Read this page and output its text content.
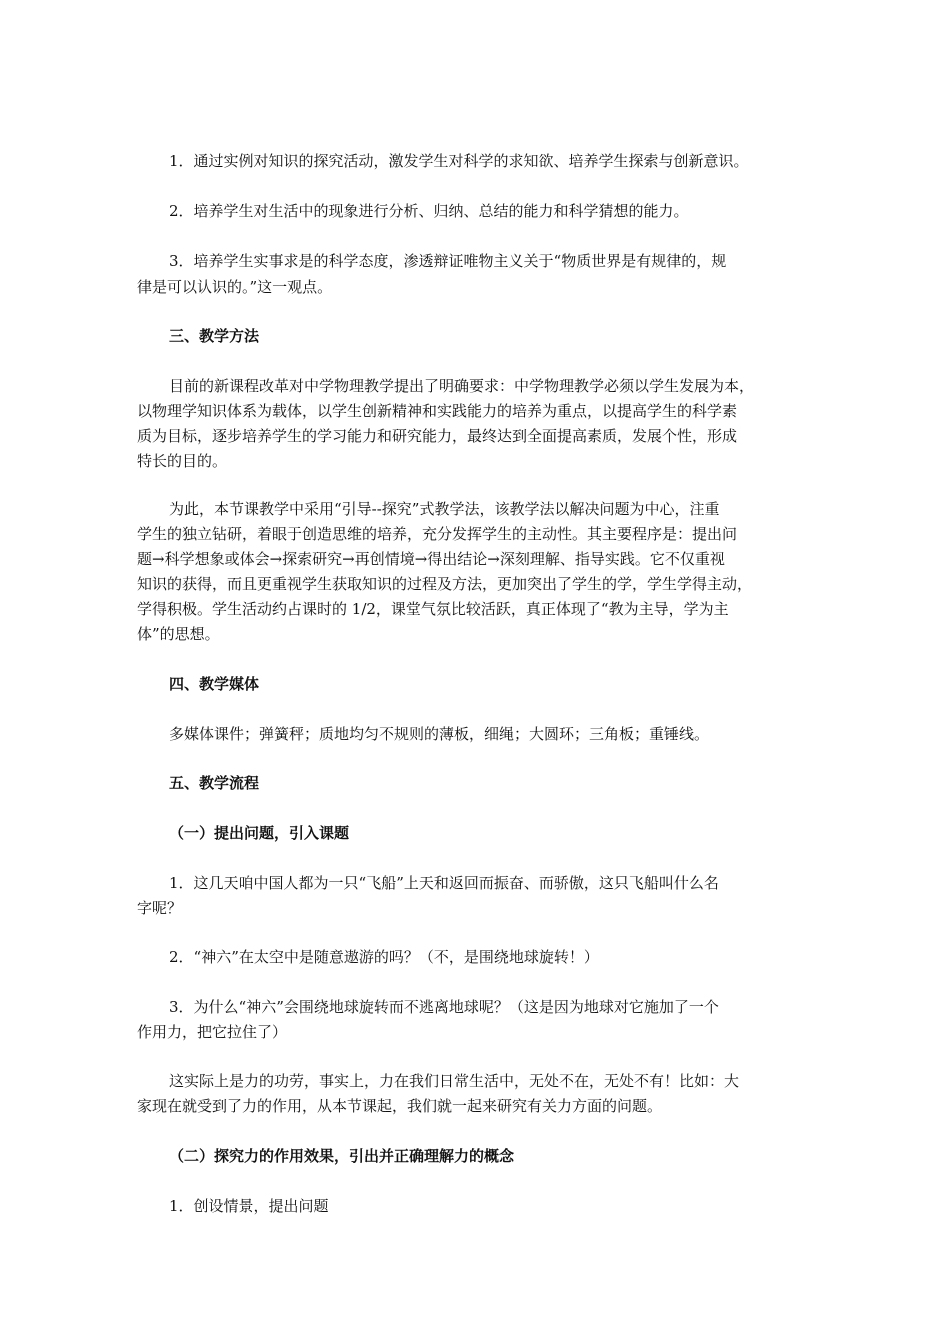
1．通过实例对知识的探究活动，激发学生对科学的求知欲、培养学生探索与创新意识。
2．培养学生对生活中的现象进行分析、归纳、总结的能力和科学猜想的能力。
3．培养学生实事求是的科学态度，渗透辩证唯物主义关于“物质世界是有规律的，规
律是可以认识的。”这一观点。
三、教学方法
目前的新课程改革对中学物理教学提出了明确要求：中学物理教学必须以学生发展为本，
以物理学知识体系为载体，以学生创新精神和实践能力的培养为重点，以提高学生的科学素
质为目标，逐步培养学生的学习能力和研究能力，最终达到全面提高素质，发展个性，形成
特长的目的。
为此，本节课教学中采用“引导--探究”式教学法，该教学法以解决问题为中心，注重
学生的独立钻研，着眼于创造思维的培养，充分发挥学生的主动性。其主要程序是：提出问
题→科学想象或体会→探索研究→再创情境→得出结论→深刻理解、指导实践。它不仅重视
知识的获得，而且更重视学生获取知识的过程及方法，更加突出了学生的学，学生学得主动，
学得积极。学生活动约占课时的 1/2，课堂气氛比较活跃，真正体现了“教为主导，学为主
体”的思想。
四、教学媒体
多媒体课件；弹簧秤；质地均匀不规则的薄板，细绳；大圆环；三角板；重锤线。
五、教学流程
（一）提出问题，引入课题
1．这几天咱中国人都为一只“飞船”上天和返回而振奋、而骄傲，这只飞船叫什么名
字呢？
2．“神六”在太空中是随意遨游的吗？（不，是围绕地球旋转！）
3．为什么“神六”会围绕地球旋转而不逃离地球呢？（这是因为地球对它施加了一个
作用力，把它拉住了）
这实际上是力的功劳，事实上，力在我们日常生活中，无处不在，无处不有！比如：大
家现在就受到了力的作用，从本节课起，我们就一起来研究有关力方面的问题。
（二）探究力的作用效果，引出并正确理解力的概念
1．创设情景，提出问题
